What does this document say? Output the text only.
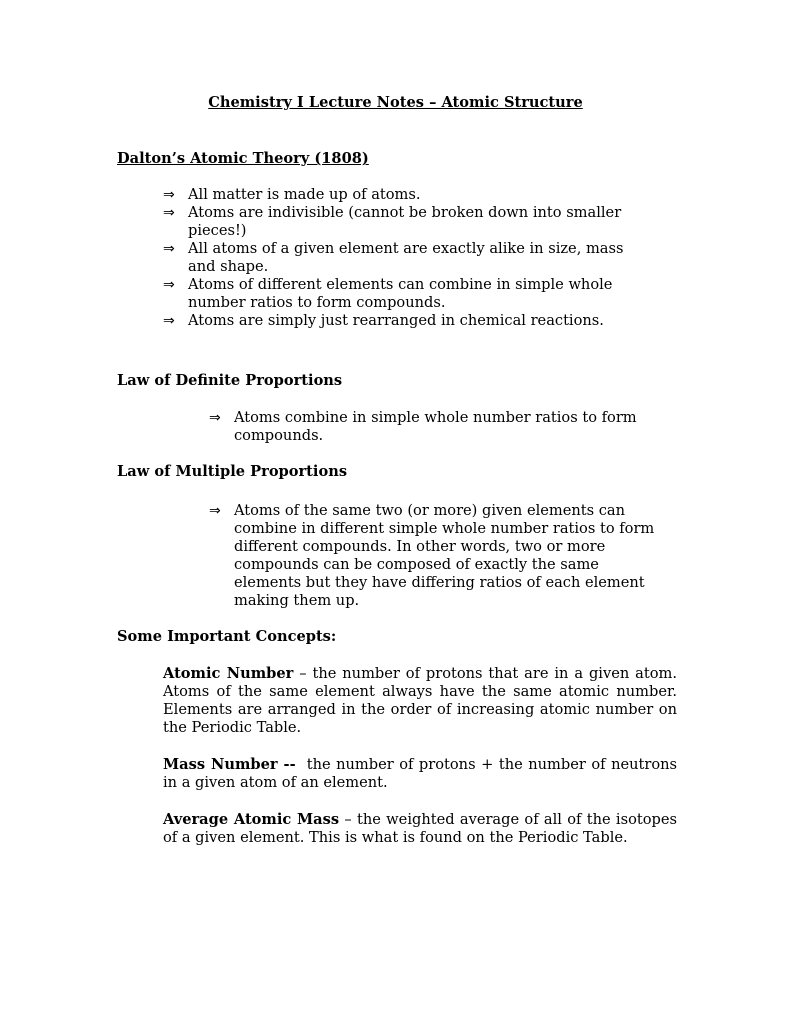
Chemistry I Lecture Notes – Atomic Structure
Dalton’s Atomic Theory (1808)
⇒ All matter is made up of atoms.
⇒ Atoms are indivisible (cannot be broken down into smaller pieces!)
⇒ All atoms of a given element are exactly alike in size, mass and shape.
⇒ Atoms of different elements can combine in simple whole number ratios to form compounds.
⇒ Atoms are simply just rearranged in chemical reactions.
Law of Definite Proportions
⇒ Atoms combine in simple whole number ratios to form compounds.
Law of Multiple Proportions
⇒ Atoms of the same two (or more) given elements can combine in different simple whole number ratios to form different compounds. In other words, two or more compounds can be composed of exactly the same elements but they have differing ratios of each element making them up.
Some Important Concepts:
Atomic Number – the number of protons that are in a given atom. Atoms of the same element always have the same atomic number. Elements are arranged in the order of increasing atomic number on the Periodic Table.
Mass Number -- the number of protons + the number of neutrons in a given atom of an element.
Average Atomic Mass – the weighted average of all of the isotopes of a given element. This is what is found on the Periodic Table.
